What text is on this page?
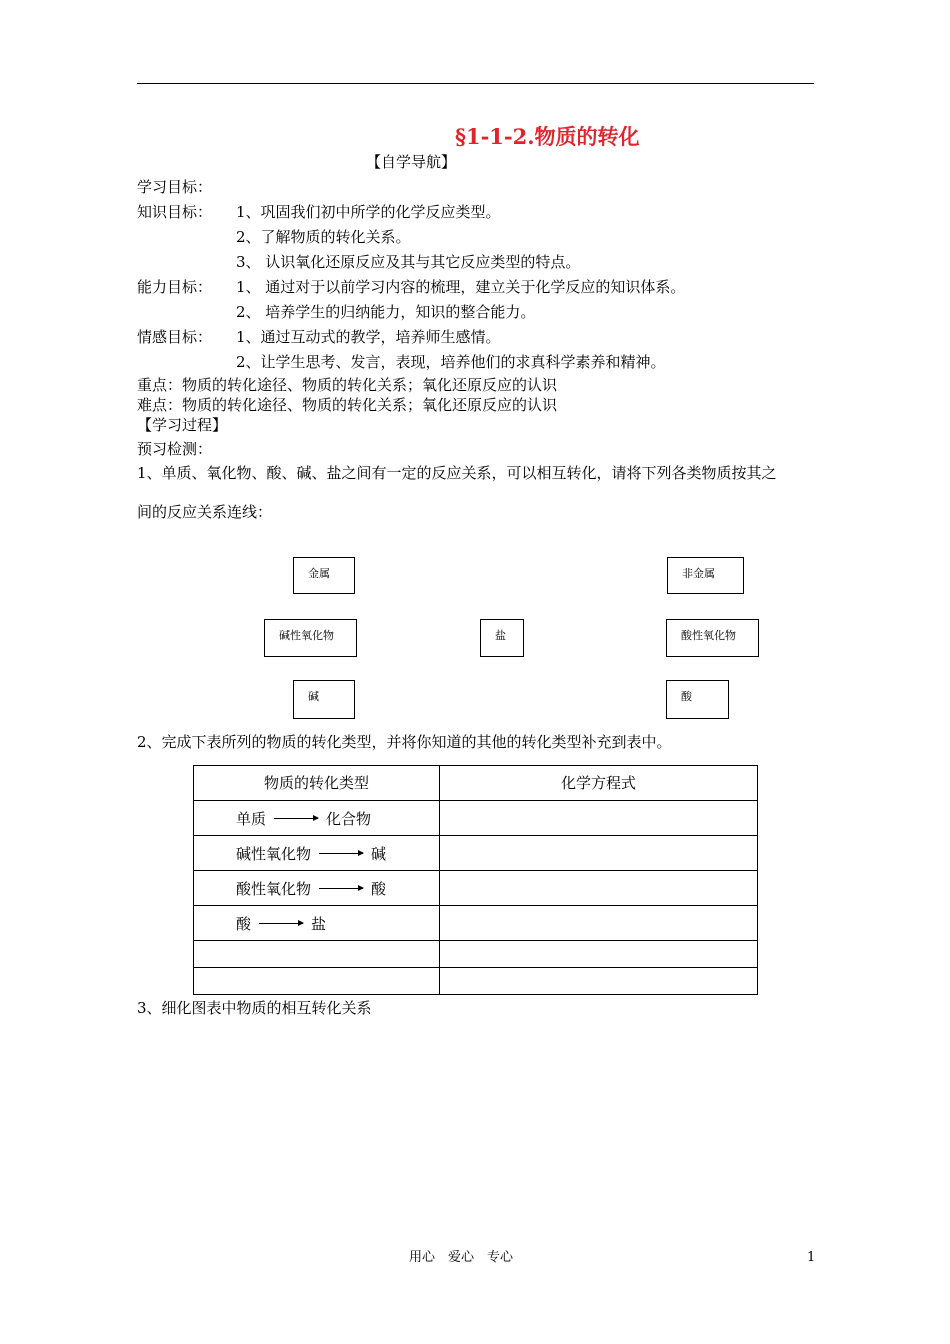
§1-1-2.物质的转化
【自学导航】
学习目标：
知识目标： 1、巩固我们初中所学的化学反应类型。
2、了解物质的转化关系。
3、 认识氧化还原反应及其与其它反应类型的特点。
能力目标： 1、 通过对于以前学习内容的梳理，建立关于化学反应的知识体系。
2、 培养学生的归纳能力，知识的整合能力。
情感目标： 1、通过互动式的教学，培养师生感情。
2、让学生思考、发言，表现，培养他们的求真科学素养和精神。
重点：物质的转化途径、物质的转化关系；氧化还原反应的认识
难点：物质的转化途径、物质的转化关系；氧化还原反应的认识
【学习过程】
预习检测：
1、单质、氧化物、酸、碱、盐之间有一定的反应关系，可以相互转化，请将下列各类物质按其之
间的反应关系连线：
金属	非金属
碱性氧化物	盐	酸性氧化物
碱	酸
2、完成下表所列的物质的转化类型，并将你知道的其他的转化类型补充到表中。
物质的转化类型	化学方程式

单质 化合物	

碱性氧化物 碱	

酸性氧化物 酸	

酸 盐	

3、细化图表中物质的相互转化关系
用心　爱心　专心	1
